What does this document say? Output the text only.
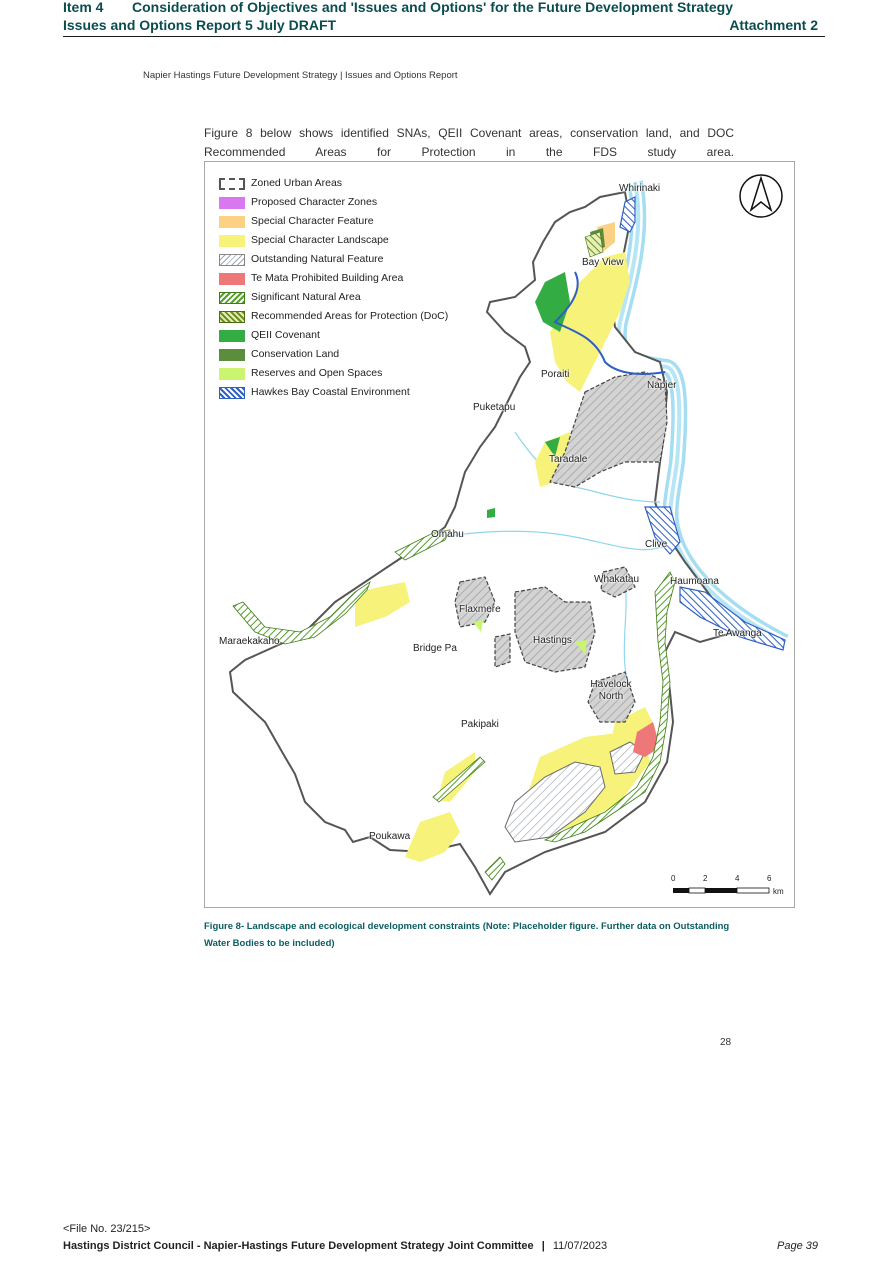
Item 4 Consideration of Objectives and 'Issues and Options' for the Future Development Strategy
Issues and Options Report 5 July DRAFT	Attachment 2
Napier Hastings Future Development Strategy | Issues and Options Report
Figure 8 below shows identified SNAs, QEII Covenant areas, conservation land, and DOC Recommended Areas for Protection in the FDS study area.
Zoned Urban Areas
Proposed Character Zones
Special Character Feature
Special Character Landscape
Outstanding Natural Feature
Te Mata Prohibited Building Area
Significant Natural Area
Recommended Areas for Protection (DoC)
QEII Covenant
Conservation Land
Reserves and Open Spaces
Hawkes Bay Coastal Environment
Whirinaki
Bay View
Poraiti
Napier
Puketapu
Taradale
Omahu
Clive
Whakatau	Haumoana
Flaxmere
Hastings
Maraekakaho
Bridge Pa
Te Awanga
Havelock North
Pakipaki
Poukawa
0	2	4	6
km
Figure 8- Landscape and ecological development constraints (Note: Placeholder figure. Further data on Outstanding Water Bodies to be included)
28
<File No. 23/215>
Hastings District Council - Napier-Hastings Future Development Strategy Joint Committee | 11/07/2023	Page 39
